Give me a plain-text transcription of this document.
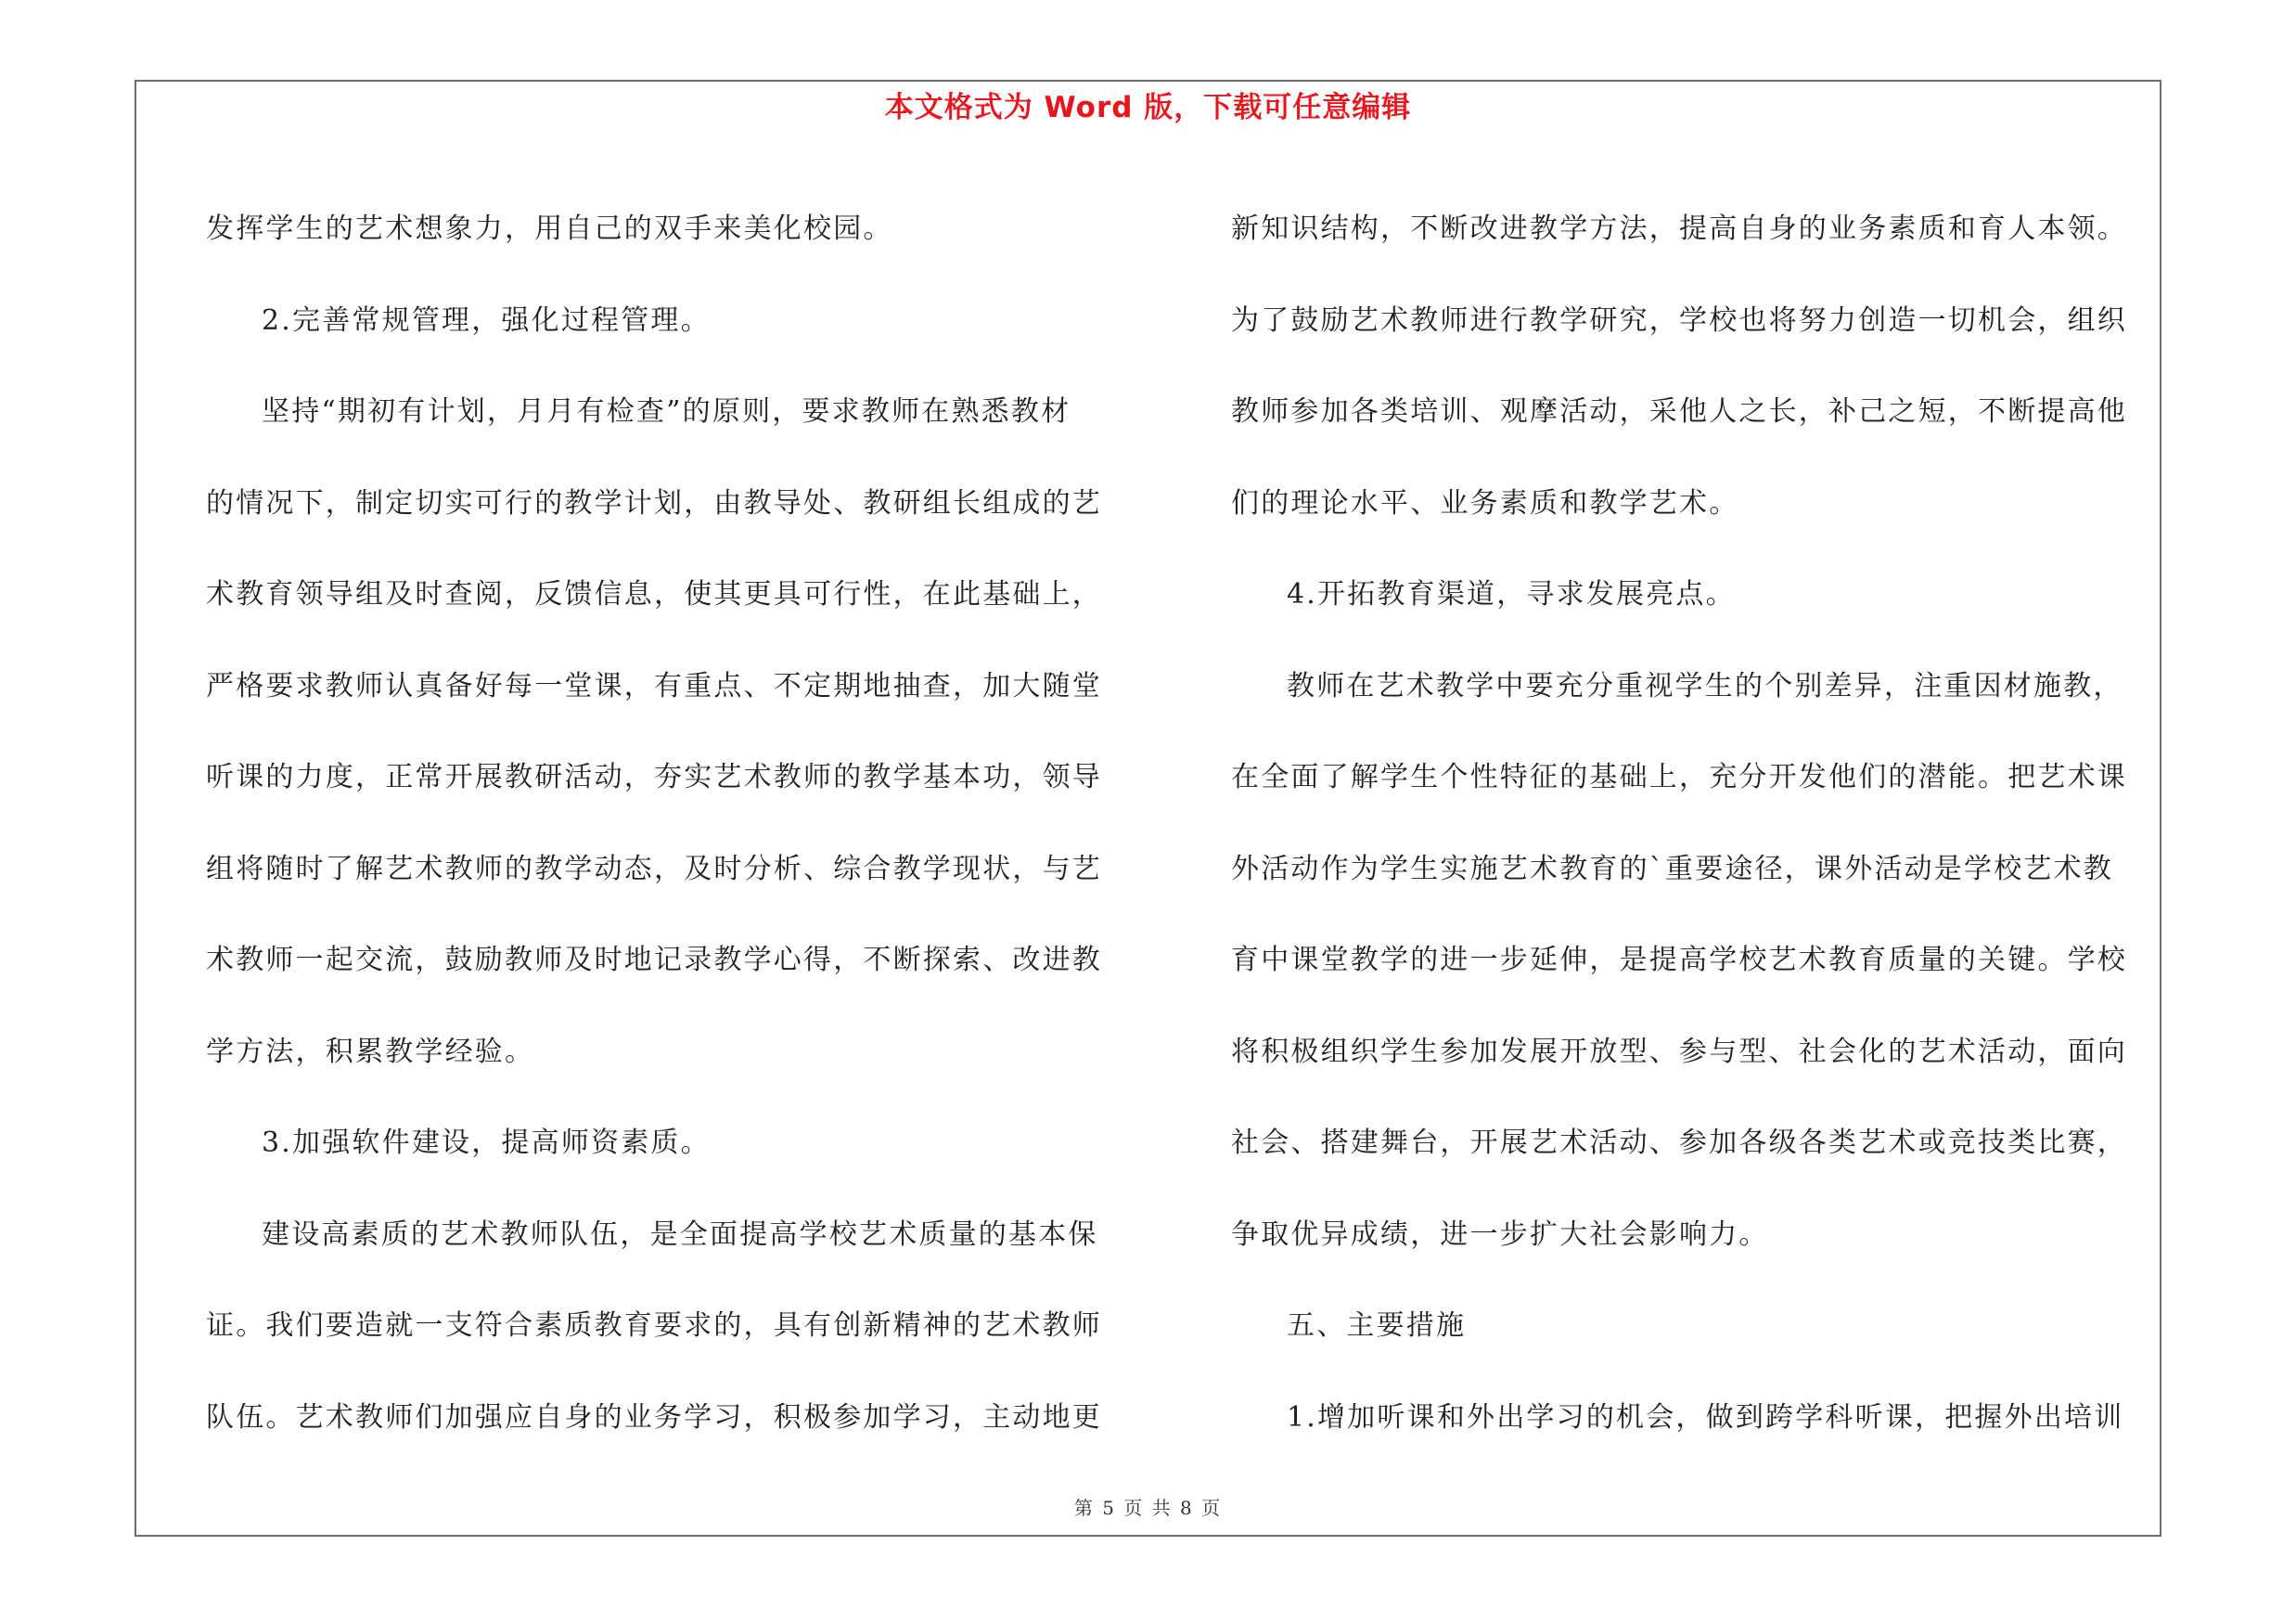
本文格式为 Word 版，下载可任意编辑
发挥学生的艺术想象力，用自己的双手来美化校园。
2.完善常规管理，强化过程管理。
坚持“期初有计划，月月有检查”的原则，要求教师在熟悉教材
的情况下，制定切实可行的教学计划，由教导处、教研组长组成的艺
术教育领导组及时查阅，反馈信息，使其更具可行性，在此基础上，
严格要求教师认真备好每一堂课，有重点、不定期地抽查，加大随堂
听课的力度，正常开展教研活动，夯实艺术教师的教学基本功，领导
组将随时了解艺术教师的教学动态，及时分析、综合教学现状，与艺
术教师一起交流，鼓励教师及时地记录教学心得，不断探索、改进教
学方法，积累教学经验。
3.加强软件建设，提高师资素质。
建设高素质的艺术教师队伍，是全面提高学校艺术质量的基本保
证。我们要造就一支符合素质教育要求的，具有创新精神的艺术教师
队伍。艺术教师们加强应自身的业务学习，积极参加学习，主动地更
新知识结构，不断改进教学方法，提高自身的业务素质和育人本领。
为了鼓励艺术教师进行教学研究，学校也将努力创造一切机会，组织
教师参加各类培训、观摩活动，采他人之长，补己之短，不断提高他
们的理论水平、业务素质和教学艺术。
4.开拓教育渠道，寻求发展亮点。
教师在艺术教学中要充分重视学生的个别差异，注重因材施教，
在全面了解学生个性特征的基础上，充分开发他们的潜能。把艺术课
外活动作为学生实施艺术教育的`重要途径，课外活动是学校艺术教
育中课堂教学的进一步延伸，是提高学校艺术教育质量的关键。学校
将积极组织学生参加发展开放型、参与型、社会化的艺术活动，面向
社会、搭建舞台，开展艺术活动、参加各级各类艺术或竞技类比赛，
争取优异成绩，进一步扩大社会影响力。
五、主要措施
1.增加听课和外出学习的机会，做到跨学科听课，把握外出培训
第 5 页 共 8 页
